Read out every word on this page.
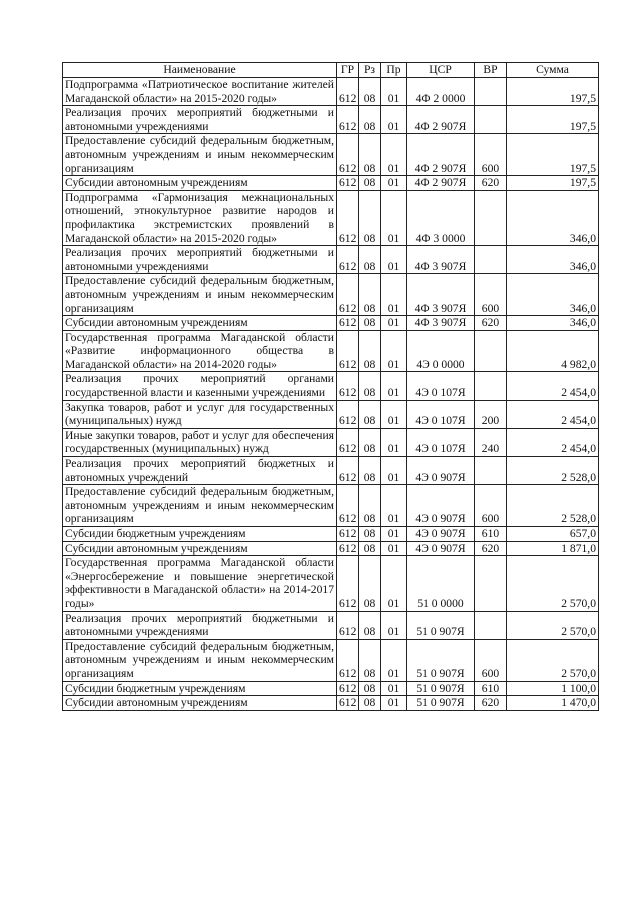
Наименование	ГР	Рз	Пр	ЦСР	ВР	Сумма
Подпрограмма «Патриотическое воспитание жителей Магаданской области» на 2015-2020 годы»	612	08	01	4Ф 2 0000		197,5
Реализация прочих мероприятий бюджетными и автономными учреждениями	612	08	01	4Ф 2 907Я		197,5
Предоставление субсидий федеральным бюджетным, автономным учреждениям и иным некоммерческим организациям	612	08	01	4Ф 2 907Я	600	197,5
Субсидии автономным учреждениям	612	08	01	4Ф 2 907Я	620	197,5
Подпрограмма «Гармонизация межнациональных отношений, этнокультурное развитие народов и профилактика экстремистских проявлений в Магаданской области» на 2015-2020 годы»	612	08	01	4Ф 3 0000		346,0
Реализация прочих мероприятий бюджетными и автономными учреждениями	612	08	01	4Ф 3 907Я		346,0
Предоставление субсидий федеральным бюджетным, автономным учреждениям и иным некоммерческим организациям	612	08	01	4Ф 3 907Я	600	346,0
Субсидии автономным учреждениям	612	08	01	4Ф 3 907Я	620	346,0
Государственная программа Магаданской области «Развитие информационного общества в Магаданской области» на 2014-2020 годы»	612	08	01	4Э 0 0000		4 982,0
Реализация прочих мероприятий органами государственной власти и казенными учреждениями	612	08	01	4Э 0 107Я		2 454,0
Закупка товаров, работ и услуг для государственных (муниципальных) нужд	612	08	01	4Э 0 107Я	200	2 454,0
Иные закупки товаров, работ и услуг для обеспечения государственных (муниципальных) нужд	612	08	01	4Э 0 107Я	240	2 454,0
Реализация прочих мероприятий бюджетных и автономных учреждений	612	08	01	4Э 0 907Я		2 528,0
Предоставление субсидий федеральным бюджетным, автономным учреждениям и иным некоммерческим организациям	612	08	01	4Э 0 907Я	600	2 528,0
Субсидии бюджетным учреждениям	612	08	01	4Э 0 907Я	610	657,0
Субсидии автономным учреждениям	612	08	01	4Э 0 907Я	620	1 871,0
Государственная программа Магаданской области «Энергосбережение и повышение энергетической эффективности в Магаданской области» на 2014-2017 годы»	612	08	01	51 0 0000		2 570,0
Реализация прочих мероприятий бюджетными и автономными учреждениями	612	08	01	51 0 907Я		2 570,0
Предоставление субсидий федеральным бюджетным, автономным учреждениям и иным некоммерческим организациям	612	08	01	51 0 907Я	600	2 570,0
Субсидии бюджетным учреждениям	612	08	01	51 0 907Я	610	1 100,0
Субсидии автономным учреждениям	612	08	01	51 0 907Я	620	1 470,0
